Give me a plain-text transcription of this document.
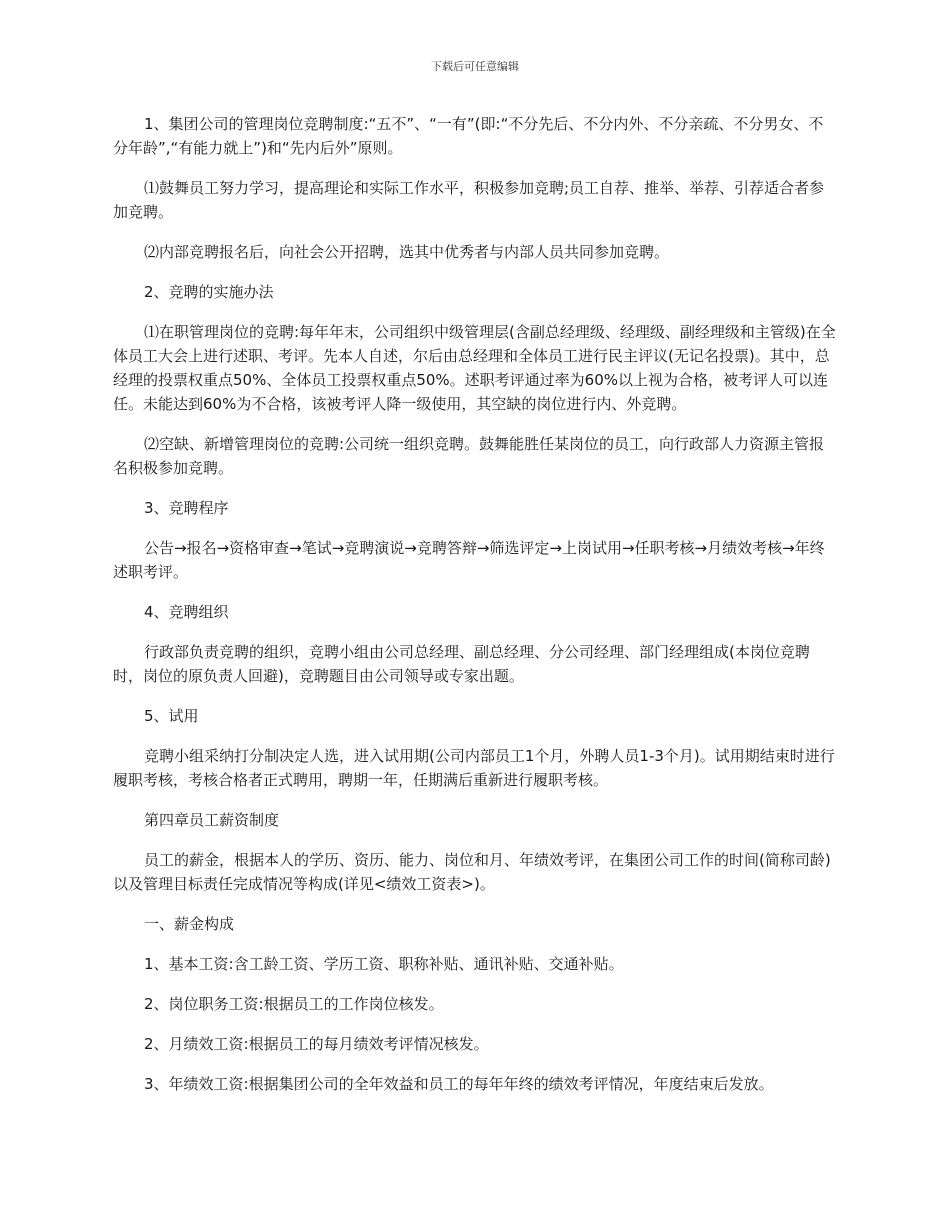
下载后可任意编辑

1、集团公司的管理岗位竞聘制度:“五不”、“一有”(即:“不分先后、不分内外、不分亲疏、不分男女、不分年龄”,“有能力就上”)和“先内后外”原则。

⑴鼓舞员工努力学习，提高理论和实际工作水平，积极参加竞聘;员工自荐、推举、举荐、引荐适合者参加竞聘。

⑵内部竞聘报名后，向社会公开招聘，选其中优秀者与内部人员共同参加竞聘。

2、竞聘的实施办法

⑴在职管理岗位的竞聘:每年年末，公司组织中级管理层(含副总经理级、经理级、副经理级和主管级)在全体员工大会上进行述职、考评。先本人自述，尔后由总经理和全体员工进行民主评议(无记名投票)。其中，总经理的投票权重点50%、全体员工投票权重点50%。述职考评通过率为60%以上视为合格，被考评人可以连任。未能达到60%为不合格，该被考评人降一级使用，其空缺的岗位进行内、外竞聘。

⑵空缺、新增管理岗位的竞聘:公司统一组织竞聘。鼓舞能胜任某岗位的员工，向行政部人力资源主管报名积极参加竞聘。

3、竞聘程序

公告→报名→资格审查→笔试→竞聘演说→竞聘答辩→筛选评定→上岗试用→任职考核→月绩效考核→年终述职考评。

4、竞聘组织

行政部负责竞聘的组织，竞聘小组由公司总经理、副总经理、分公司经理、部门经理组成(本岗位竞聘时，岗位的原负责人回避)，竞聘题目由公司领导或专家出题。

5、试用

竞聘小组采纳打分制决定人选，进入试用期(公司内部员工1个月，外聘人员1-3个月)。试用期结束时进行履职考核，考核合格者正式聘用，聘期一年，任期满后重新进行履职考核。

第四章员工薪资制度

员工的薪金，根据本人的学历、资历、能力、岗位和月、年绩效考评，在集团公司工作的时间(简称司龄)以及管理目标责任完成情况等构成(详见<绩效工资表>)。

一、薪金构成

1、基本工资:含工龄工资、学历工资、职称补贴、通讯补贴、交通补贴。

2、岗位职务工资:根据员工的工作岗位核发。

2、月绩效工资:根据员工的每月绩效考评情况核发。

3、年绩效工资:根据集团公司的全年效益和员工的每年年终的绩效考评情况，年度结束后发放。
